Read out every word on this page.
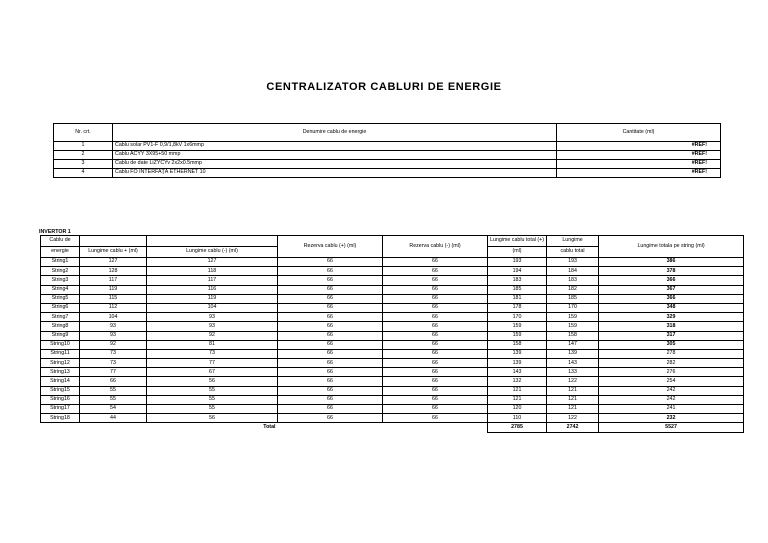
CENTRALIZATOR CABLURI DE ENERGIE
Nr. crt.	Denumire cablu de energie	Cantitate (ml)
1	Cablu solar PV1-F 0,9/1,8kV 1x6mmp	#REF!
2	Cablu ACYY 3X95+50 mmp	#REF!
3	Cablu de date LiZYCYv 2x2x0.5mmp	#REF!
4	Cablu FO INTERFAŢĂ ETHERNET 10	#REF!
INVERTOR 1
Cablu de			Rezerva cablu (+) (ml)	Rezerva cablu (-) (ml)	Lungime cablu total (+)	Lungime	Lungime totala pe string (ml)
energie	Lungime cablu + (ml)	Lungime cablu (-) (ml)			(ml)	cablu total	
String1	127	127	66	66	193	193	386
String2	128	118	66	66	194	184	378
String3	117	117	66	66	183	183	366
String4	119	116	66	66	185	182	367
String5	115	119	66	66	181	185	366
String6	112	104	66	66	178	170	348
String7	104	93	66	66	170	159	329
String8	93	93	66	66	159	159	318
String9	93	92	66	66	159	158	317
String10	92	81	66	66	158	147	305
String11	73	73	66	66	139	139	278
String12	73	77	66	66	139	143	282
String13	77	67	66	66	143	133	276
String14	66	56	66	66	132	122	254
String15	55	55	66	66	121	121	242
String16	55	55	66	66	121	121	242
String17	54	55	66	66	120	121	241
String18	44	56	66	66	110	122	232
		Total			2785	2742	5527
